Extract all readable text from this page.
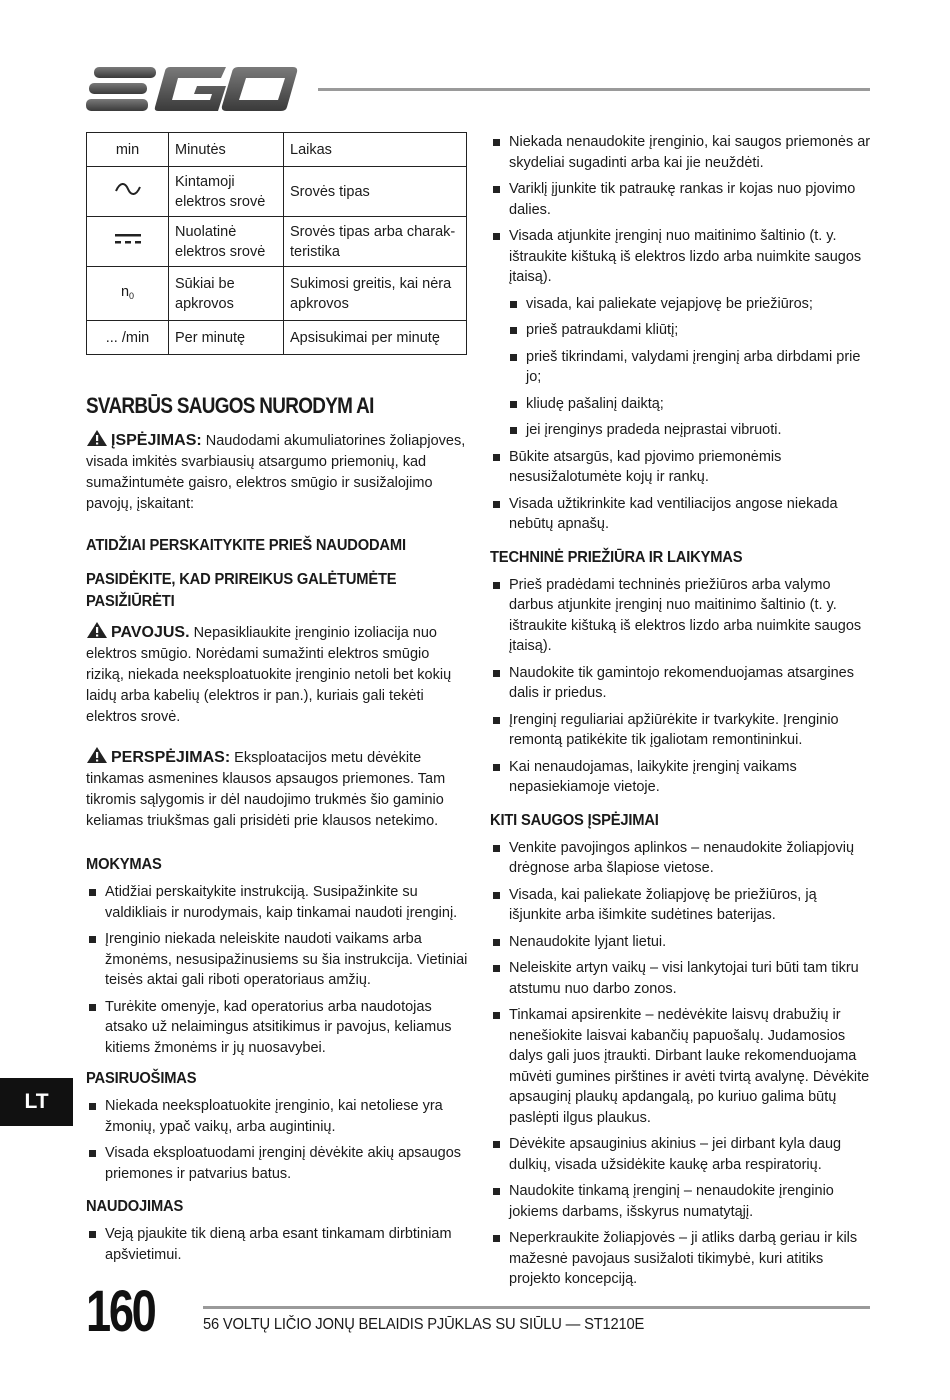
min	Minutės	Laikas
	Kintamoji elektros srovė	Srovės tipas
	Nuolatinė elektros srovė	Srovės tipas arba charak-teristika
$n_0$	Sūkiai be apkrovos	Sukimosi greitis, kai nėra apkrovos
... /min	Per minutę	Apsisukimai per minutę
SVARBŪS SAUGOS NURODYM AI

ĮSPĖJIMAS: Naudodami akumuliatorines žoliapjoves, visada imkitės svarbiausių atsargumo priemonių, kad sumažintumėte gaisro, elektros smūgio ir susižalojimo pavojų, įskaitant:

ATIDŽIAI PERSKAITYKITE PRIEŠ NAUDODAMI
PASIDĖKITE, KAD PRIREIKUS GALĖTUMĖTE
PASIŽIŪRĖTI

PAVOJUS. Nepasikliaukite įrenginio izoliacija nuo elektros smūgio. Norėdami sumažinti elektros smūgio riziką, niekada neeksploatuokite įrenginio netoli bet kokių laidų arba kabelių (elektros ir pan.), kuriais gali tekėti elektros srovė.

PERSPĖJIMAS: Eksploatacijos metu dėvėkite tinkamas asmenines klausos apsaugos priemones. Tam tikromis sąlygomis ir dėl naudojimo trukmės šio gaminio keliamas triukšmas gali prisidėti prie klausos netekimo.

MOKYMAS
Atidžiai perskaitykite instrukciją. Susipažinkite su valdikliais ir nurodymais, kaip tinkamai naudoti įrenginį.
Įrenginio niekada neleiskite naudoti vaikams arba žmonėms, nesusipažinusiems su šia instrukcija. Vietiniai teisės aktai gali riboti operatoriaus amžių.
Turėkite omenyje, kad operatorius arba naudotojas atsako už nelaimingus atsitikimus ir pavojus, keliamus kitiems žmonėms ir jų nuosavybei.
PASIRUOŠIMAS
Niekada neeksploatuokite įrenginio, kai netoliese yra žmonių, ypač vaikų, arba augintinių.
Visada eksploatuodami įrenginį dėvėkite akių apsaugos priemones ir patvarius batus.
NAUDOJIMAS
Veją pjaukite tik dieną arba esant tinkamam dirbtiniam apšvietimui.
Niekada nenaudokite įrenginio, kai saugos priemonės ar skydeliai sugadinti arba kai jie neuždėti.
Variklį įjunkite tik patraukę rankas ir kojas nuo pjovimo dalies.
Visada atjunkite įrenginį nuo maitinimo šaltinio (t. y. ištraukite kištuką iš elektros lizdo arba nuimkite saugos įtaisą).
visada, kai paliekate vejapjovę be priežiūros;
prieš patraukdami kliūtį;
prieš tikrindami, valydami įrenginį arba dirbdami prie jo;
kliudę pašalinį daiktą;
jei įrenginys pradeda neįprastai vibruoti.
Būkite atsargūs, kad pjovimo priemonėmis nesusižalotumėte kojų ir rankų.
Visada užtikrinkite kad ventiliacijos angose niekada nebūtų apnašų.
TECHNINĖ PRIEŽIŪRA IR LAIKYMAS
Prieš pradėdami techninės priežiūros arba valymo darbus atjunkite įrenginį nuo maitinimo šaltinio (t. y. ištraukite kištuką iš elektros lizdo arba nuimkite saugos įtaisą).
Naudokite tik gamintojo rekomenduojamas atsargines dalis ir priedus.
Įrenginį reguliariai apžiūrėkite ir tvarkykite. Įrenginio remontą patikėkite tik įgaliotam remontininkui.
Kai nenaudojamas, laikykite įrenginį vaikams nepasiekiamoje vietoje.
KITI SAUGOS ĮSPĖJIMAI
Venkite pavojingos aplinkos – nenaudokite žoliapjovių drėgnose arba šlapiose vietose.
Visada, kai paliekate žoliapjovę be priežiūros, ją išjunkite arba išimkite sudėtines baterijas.
Nenaudokite lyjant lietui.
Neleiskite artyn vaikų – visi lankytojai turi būti tam tikru atstumu nuo darbo zonos.
Tinkamai apsirenkite – nedėvėkite laisvų drabužių ir nenešiokite laisvai kabančių papuošalų. Judamosios dalys gali juos įtraukti. Dirbant lauke rekomenduojama mūvėti gumines pirštines ir avėti tvirtą avalynę. Dėvėkite apsauginį plaukų apdangalą, po kuriuo galima būtų paslėpti ilgus plaukus.
Dėvėkite apsauginius akinius – jei dirbant kyla daug dulkių, visada užsidėkite kaukę arba respiratorių.
Naudokite tinkamą įrenginį – nenaudokite įrenginio jokiems darbams, išskyrus numatytąjį.
Neperkraukite žoliapjovės – ji atliks darbą geriau ir kils mažesnė pavojaus susižaloti tikimybė, kuri atitiks projekto koncepciją.
LT
160	56 VOLTŲ LIČIO JONŲ BELAIDIS PJŪKLAS SU SIŪLU — ST1210E
